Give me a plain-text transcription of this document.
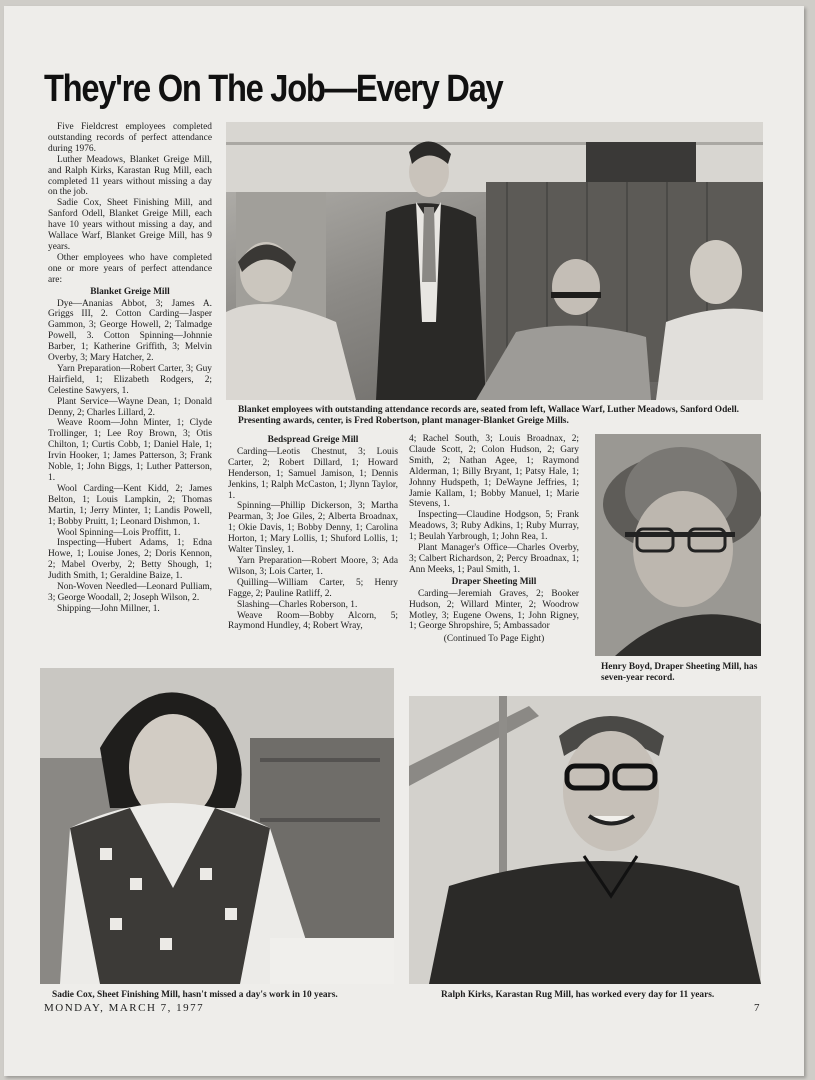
They're On The Job—Every Day

Five Fieldcrest employees completed outstanding records of perfect attendance during 1976.

Luther Meadows, Blanket Greige Mill, and Ralph Kirks, Karastan Rug Mill, each completed 11 years without missing a day on the job.

Sadie Cox, Sheet Finishing Mill, and Sanford Odell, Blanket Greige Mill, each have 10 years without missing a day, and Wallace Warf, Blanket Greige Mill, has 9 years.

Other employees who have completed one or more years of perfect attendance are:

Blanket Greige Mill

Dye—Ananias Abbot, 3; James A. Griggs III, 2. Cotton Carding—Jasper Gammon, 3; George Howell, 2; Talmadge Powell, 3. Cotton Spinning—Johnnie Barber, 1; Katherine Griffith, 3; Melvin Overby, 3; Mary Hatcher, 2.

Yarn Preparation—Robert Carter, 3; Guy Hairfield, 1; Elizabeth Rodgers, 2; Celestine Sawyers, 1.

Plant Service—Wayne Dean, 1; Donald Denny, 2; Charles Lillard, 2.

Weave Room—John Minter, 1; Clyde Trollinger, 1; Lee Roy Brown, 3; Otis Chilton, 1; Curtis Cobb, 1; Daniel Hale, 1; Irvin Hooker, 1; James Patterson, 3; Frank Noble, 1; John Biggs, 1; Luther Patterson, 1.

Wool Carding—Kent Kidd, 2; James Belton, 1; Louis Lampkin, 2; Thomas Martin, 1; Jerry Minter, 1; Landis Powell, 1; Bobby Pruitt, 1; Leonard Dishmon, 1.

Wool Spinning—Lois Proffitt, 1.

Inspecting—Hubert Adams, 1; Edna Howe, 1; Louise Jones, 2; Doris Kennon, 2; Mabel Overby, 2; Betty Shough, 1; Judith Smith, 1; Geraldine Baize, 1.

Non-Woven Needled—Leonard Pulliam, 3; George Woodall, 2; Joseph Wilson, 2.

Shipping—John Millner, 1.

Blanket employees with outstanding attendance records are, seated from left, Wallace Warf, Luther Meadows, Sanford Odell. Presenting awards, center, is Fred Robertson, plant manager-Blanket Greige Mills.
Bedspread Greige Mill

Carding—Leotis Chestnut, 3; Louis Carter, 2; Robert Dillard, 1; Howard Henderson, 1; Samuel Jamison, 1; Dennis Jenkins, 1; Ralph McCaston, 1; Jlynn Taylor, 1.

Spinning—Phillip Dickerson, 3; Martha Pearman, 3; Joe Giles, 2; Alberta Broadnax, 1; Okie Davis, 1; Bobby Denny, 1; Carolina Horton, 1; Mary Lollis, 1; Shuford Lollis, 1; Walter Tinsley, 1.

Yarn Preparation—Robert Moore, 3; Ada Wilson, 3; Lois Carter, 1.

Quilling—William Carter, 5; Henry Fagge, 2; Pauline Ratliff, 2.

Slashing—Charles Roberson, 1.

Weave Room—Bobby Alcorn, 5; Raymond Hundley, 4; Robert Wray,

4; Rachel South, 3; Louis Broadnax, 2; Claude Scott, 2; Colon Hudson, 2; Gary Smith, 2; Nathan Agee, 1; Raymond Alderman, 1; Billy Bryant, 1; Patsy Hale, 1; Johnny Hudspeth, 1; DeWayne Jeffries, 1; Jamie Kallam, 1; Bobby Manuel, 1; Marie Stevens, 1.

Inspecting—Claudine Hodgson, 5; Frank Meadows, 3; Ruby Adkins, 1; Ruby Murray, 1; Beulah Yarbrough, 1; John Rea, 1.

Plant Manager's Office—Charles Overby, 3; Calbert Richardson, 2; Percy Broadnax, 1; Ann Meeks, 1; Paul Smith, 1.

Draper Sheeting Mill

Carding—Jeremiah Graves, 2; Booker Hudson, 2; Willard Minter, 2; Woodrow Motley, 3; Eugene Owens, 1; John Rigney, 1; George Shropshire, 5; Ambassador

(Continued To Page Eight)

Henry Boyd, Draper Sheeting Mill, has seven-year record.
Sadie Cox, Sheet Finishing Mill, hasn't missed a day's work in 10 years.	Ralph Kirks, Karastan Rug Mill, has worked every day for 11 years.
MONDAY, MARCH 7, 1977	7
